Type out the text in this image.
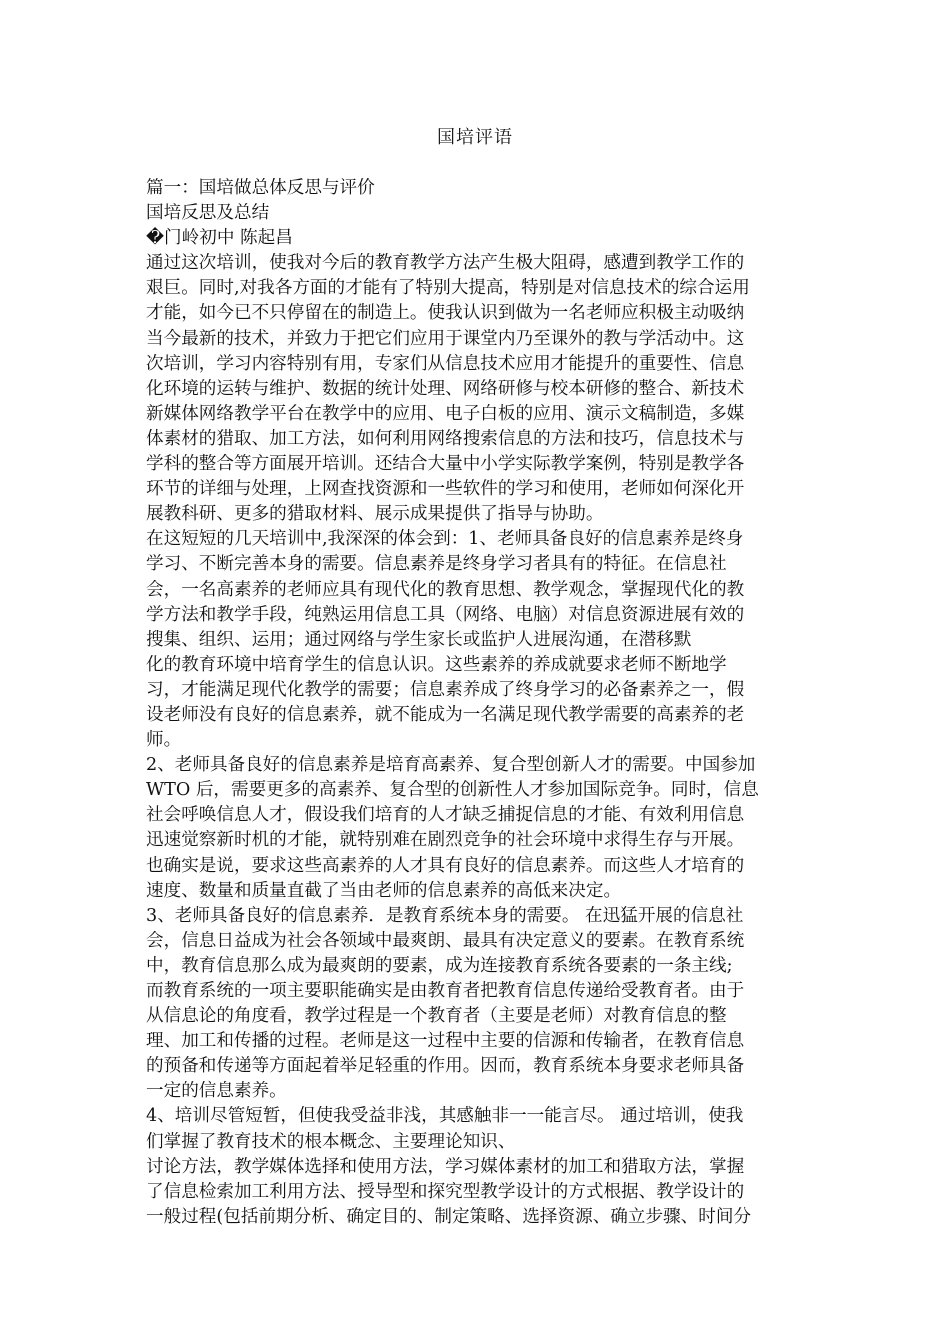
国培评语
篇一：国培做总体反思与评价
国培反思及总结
�门岭初中 陈起昌
通过这次培训，使我对今后的教育教学方法产生极大阻碍，感遭到教学工作的
艰巨。同时,对我各方面的才能有了特别大提高，特别是对信息技术的综合运用
才能，如今已不只停留在的制造上。使我认识到做为一名老师应积极主动吸纳
当今最新的技术，并致力于把它们应用于课堂内乃至课外的教与学活动中。这
次培训，学习内容特别有用，专家们从信息技术应用才能提升的重要性、信息
化环境的运转与维护、数据的统计处理、网络研修与校本研修的整合、新技术
新媒体网络教学平台在教学中的应用、电子白板的应用、演示文稿制造，多媒
体素材的猎取、加工方法，如何利用网络搜索信息的方法和技巧，信息技术与
学科的整合等方面展开培训。还结合大量中小学实际教学案例，特别是教学各
环节的详细与处理，上网查找资源和一些软件的学习和使用，老师如何深化开
展教科研、更多的猎取材料、展示成果提供了指导与协助。
在这短短的几天培训中,我深深的体会到：1、老师具备良好的信息素养是终身
学习、不断完善本身的需要。信息素养是终身学习者具有的特征。在信息社
会，一名高素养的老师应具有现代化的教育思想、教学观念，掌握现代化的教
学方法和教学手段，纯熟运用信息工具（网络、电脑）对信息资源进展有效的
搜集、组织、运用；通过网络与学生家长或监护人进展沟通，在潜移默
化的教育环境中培育学生的信息认识。这些素养的养成就要求老师不断地学
习，才能满足现代化教学的需要；信息素养成了终身学习的必备素养之一，假
设老师没有良好的信息素养，就不能成为一名满足现代教学需要的高素养的老
师。
2、老师具备良好的信息素养是培育高素养、复合型创新人才的需要。中国参加
WTO 后，需要更多的高素养、复合型的创新性人才参加国际竞争。同时，信息
社会呼唤信息人才，假设我们培育的人才缺乏捕捉信息的才能、有效利用信息
迅速觉察新时机的才能，就特别难在剧烈竞争的社会环境中求得生存与开展。
也确实是说，要求这些高素养的人才具有良好的信息素养。而这些人才培育的
速度、数量和质量直截了当由老师的信息素养的高低来决定。
3、老师具备良好的信息素养．是教育系统本身的需要。 在迅猛开展的信息社
会，信息日益成为社会各领域中最爽朗、最具有决定意义的要素。在教育系统
中，教育信息那么成为最爽朗的要素，成为连接教育系统各要素的一条主线;
而教育系统的一项主要职能确实是由教育者把教育信息传递给受教育者。由于
从信息论的角度看，教学过程是一个教育者（主要是老师）对教育信息的整
理、加工和传播的过程。老师是这一过程中主要的信源和传输者，在教育信息
的预备和传递等方面起着举足轻重的作用。因而，教育系统本身要求老师具备
一定的信息素养。
4、培训尽管短暂，但使我受益非浅，其感触非一一能言尽。 通过培训，使我
们掌握了教育技术的根本概念、主要理论知识、
讨论方法，教学媒体选择和使用方法，学习媒体素材的加工和猎取方法，掌握
了信息检索加工利用方法、授导型和探究型教学设计的方式根据、教学设计的
一般过程(包括前期分析、确定目的、制定策略、选择资源、确立步骤、时间分
